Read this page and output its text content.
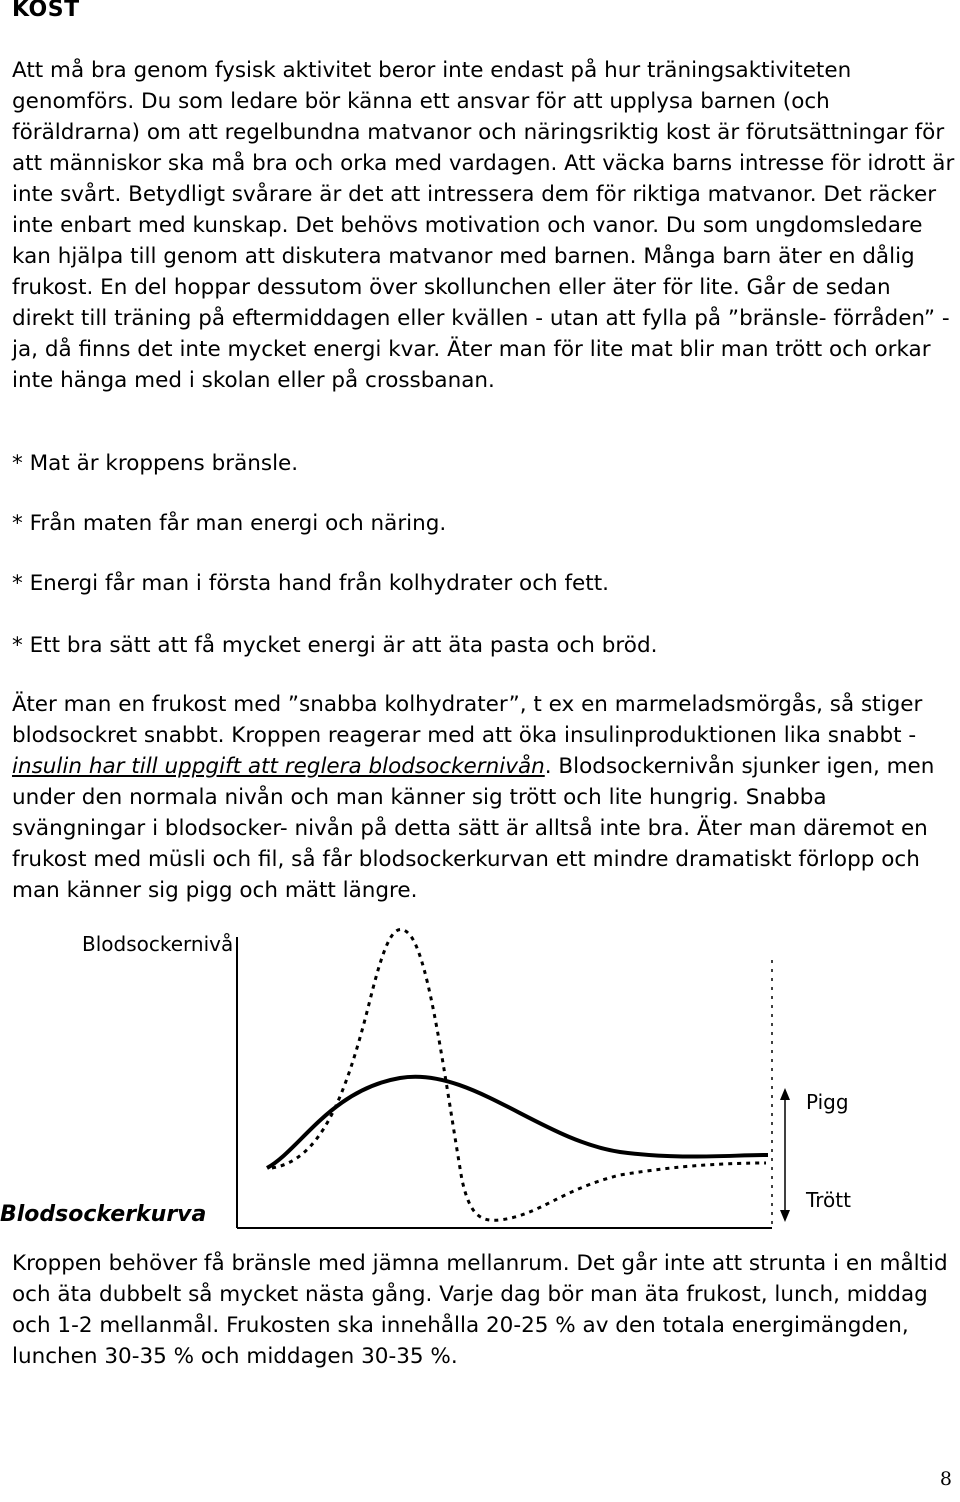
KOST
Att må bra genom fysisk aktivitet beror inte endast på hur träningsaktiviteten genomförs. Du som ledare bör känna ett ansvar för att upplysa barnen (och föräldrarna) om att regelbundna matvanor och näringsriktig kost är förutsättningar för att människor ska må bra och orka med vardagen. Att väcka barns intresse för idrott är inte svårt. Betydligt svårare är det att intressera dem för riktiga matvanor. Det räcker inte enbart med kunskap. Det behövs motivation och vanor. Du som ungdomsledare kan hjälpa till genom att diskutera matvanor med barnen. Många barn äter en dålig frukost. En del hoppar dessutom över skollunchen eller äter för lite. Går de sedan direkt till träning på eftermiddagen eller kvällen - utan att fylla på ”bränsle- förråden” - ja, då finns det inte mycket energi kvar. Äter man för lite mat blir man trött och orkar inte hänga med i skolan eller på crossbanan.
* Mat är kroppens bränsle.
* Från maten får man energi och näring.
* Energi får man i första hand från kolhydrater och fett.
* Ett bra sätt att få mycket energi är att äta pasta och bröd.
Äter man en frukost med ”snabba kolhydrater”, t ex en marmeladsmörgås, så stiger blodsockret snabbt. Kroppen reagerar med att öka insulinproduktionen lika snabbt - insulin har till uppgift att reglera blodsockernivån. Blodsockernivån sjunker igen, men under den normala nivån och man känner sig trött och lite hungrig. Snabba svängningar i blodsocker- nivån på detta sätt är alltså inte bra. Äter man däremot en frukost med müsli och fil, så får blodsockerkurvan ett mindre dramatiskt förlopp och man känner sig pigg och mätt längre.
Blodsockernivå
Pigg
Trött
Blodsockerkurva
Kroppen behöver få bränsle med jämna mellanrum. Det går inte att strunta i en måltid och äta dubbelt så mycket nästa gång. Varje dag bör man äta frukost, lunch, middag och 1-2 mellanmål. Frukosten ska innehålla 20-25 % av den totala energimängden, lunchen 30-35 % och middagen 30-35 %.
8
